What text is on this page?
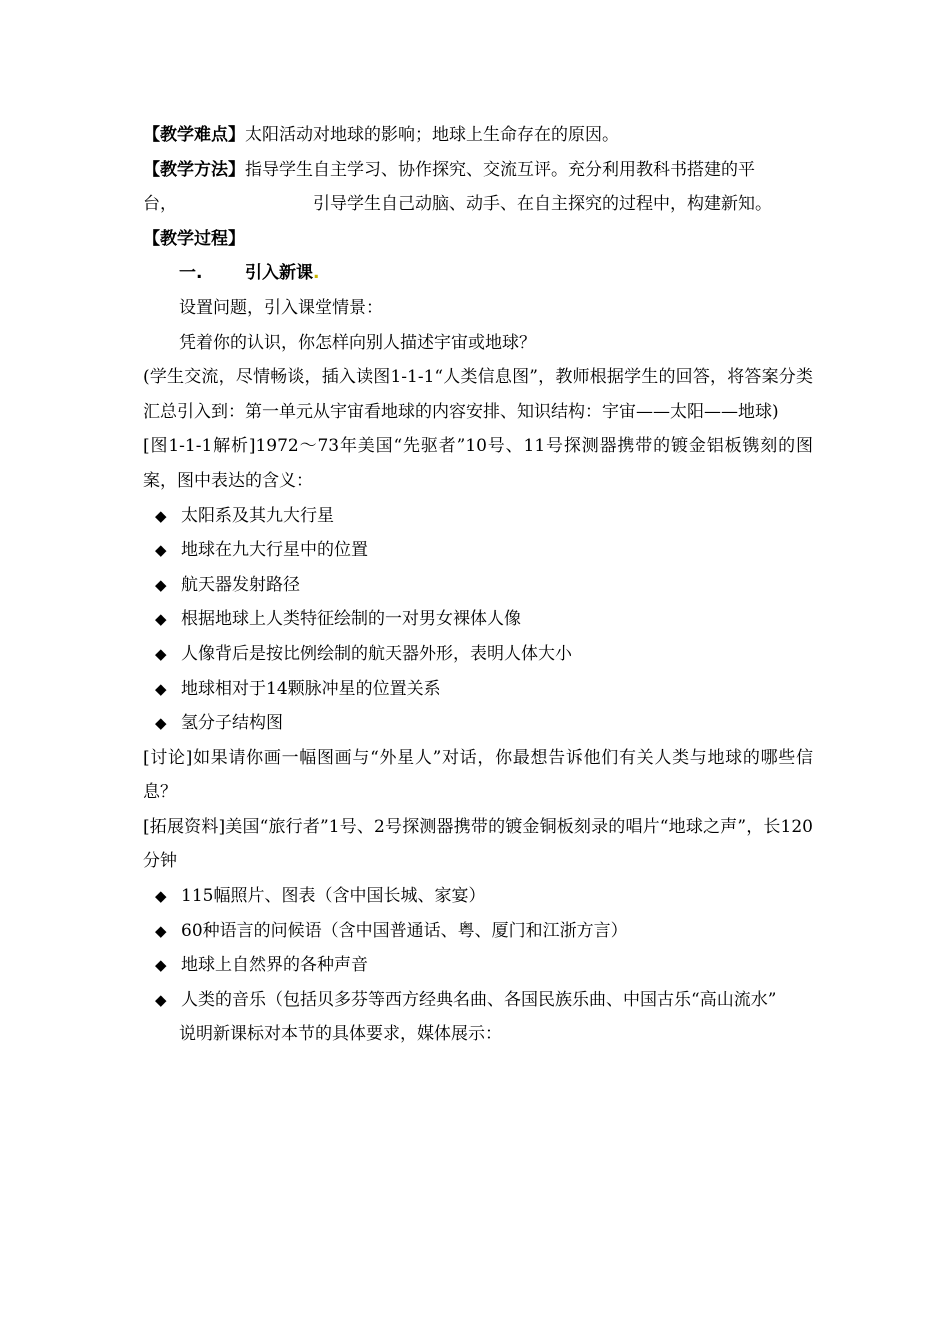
【教学难点】太阳活动对地球的影响；地球上生命存在的原因。

【教学方法】指导学生自主学习、协作探究、交流互评。充分利用教科书搭建的平

台，	引导学生自己动脑、动手、在自主探究的过程中，构建新知。

【教学过程】

一.	引入新课.

设置问题，引入课堂情景：

凭着你的认识，你怎样向别人描述宇宙或地球？

(学生交流，尽情畅谈，插入读图1-1-1“人类信息图”，教师根据学生的回答，将答案分类汇总引入到：第一单元从宇宙看地球的内容安排、知识结构：宇宙——太阳——地球)

[图1-1-1解析]1972～73年美国“先驱者”10号、11号探测器携带的镀金铝板镌刻的图案，图中表达的含义：

◆ 太阳系及其九大行星

◆ 地球在九大行星中的位置

◆ 航天器发射路径

◆ 根据地球上人类特征绘制的一对男女裸体人像

◆ 人像背后是按比例绘制的航天器外形，表明人体大小

◆ 地球相对于14颗脉冲星的位置关系

◆ 氢分子结构图

[讨论]如果请你画一幅图画与“外星人”对话，你最想告诉他们有关人类与地球的哪些信息？

[拓展资料]美国“旅行者”1号、2号探测器携带的镀金铜板刻录的唱片“地球之声”，长120分钟

◆ 115幅照片、图表（含中国长城、家宴）

◆ 60种语言的问候语（含中国普通话、粤、厦门和江浙方言）

◆ 地球上自然界的各种声音

◆ 人类的音乐（包括贝多芬等西方经典名曲、各国民族乐曲、中国古乐“高山流水”

说明新课标对本节的具体要求，媒体展示：
